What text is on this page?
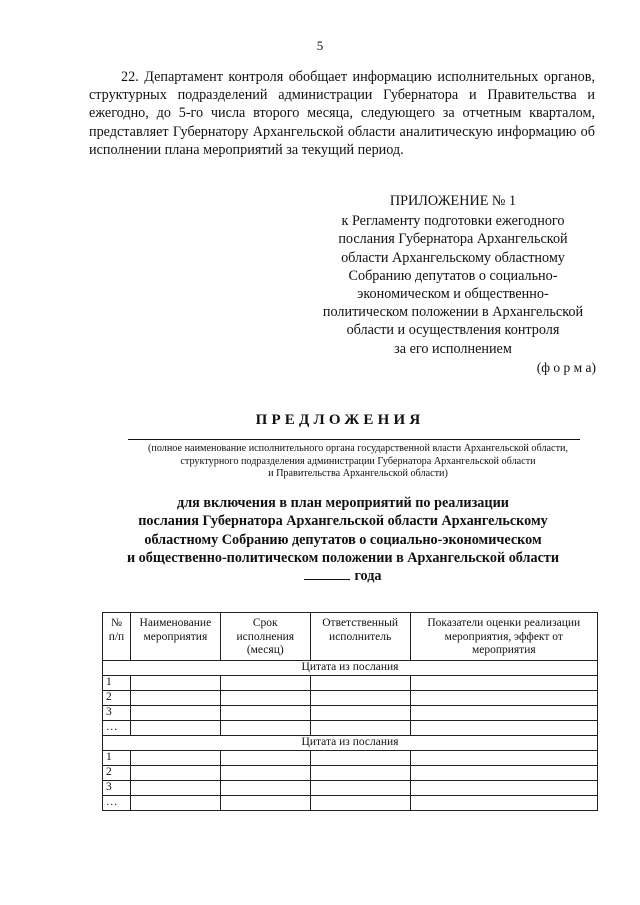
5
22. Департамент контроля обобщает информацию исполнительных органов, структурных подразделений администрации Губернатора и Правительства и ежегодно, до 5-го числа второго месяца, следующего за отчетным кварталом, представляет Губернатору Архангельской области аналитическую информацию об исполнении плана мероприятий за текущий период.
ПРИЛОЖЕНИЕ № 1
к Регламенту подготовки ежегодного
послания Губернатора Архангельской
области Архангельскому областному
Собранию депутатов о социально-
экономическом и общественно-
политическом положении в Архангельской
области и осуществления контроля
за его исполнением
(ф о р м а)
ПРЕДЛОЖЕНИЯ
(полное наименование исполнительного органа государственной власти Архангельской области,
структурного подразделения администрации Губернатора Архангельской области
и Правительства Архангельской области)
для включения в план мероприятий по реализации
послания Губернатора Архангельской области Архангельскому
областному Собранию депутатов о социально-экономическом
и общественно-политическом положении в Архангельской области
года
№ п/п	Наименование мероприятия	Срок исполнения (месяц)	Ответственный исполнитель	Показатели оценки реализации мероприятия, эффект от мероприятия
Цитата из послания				
1				
2				
3				
…				
Цитата из послания				
1				
2				
3				
…				
